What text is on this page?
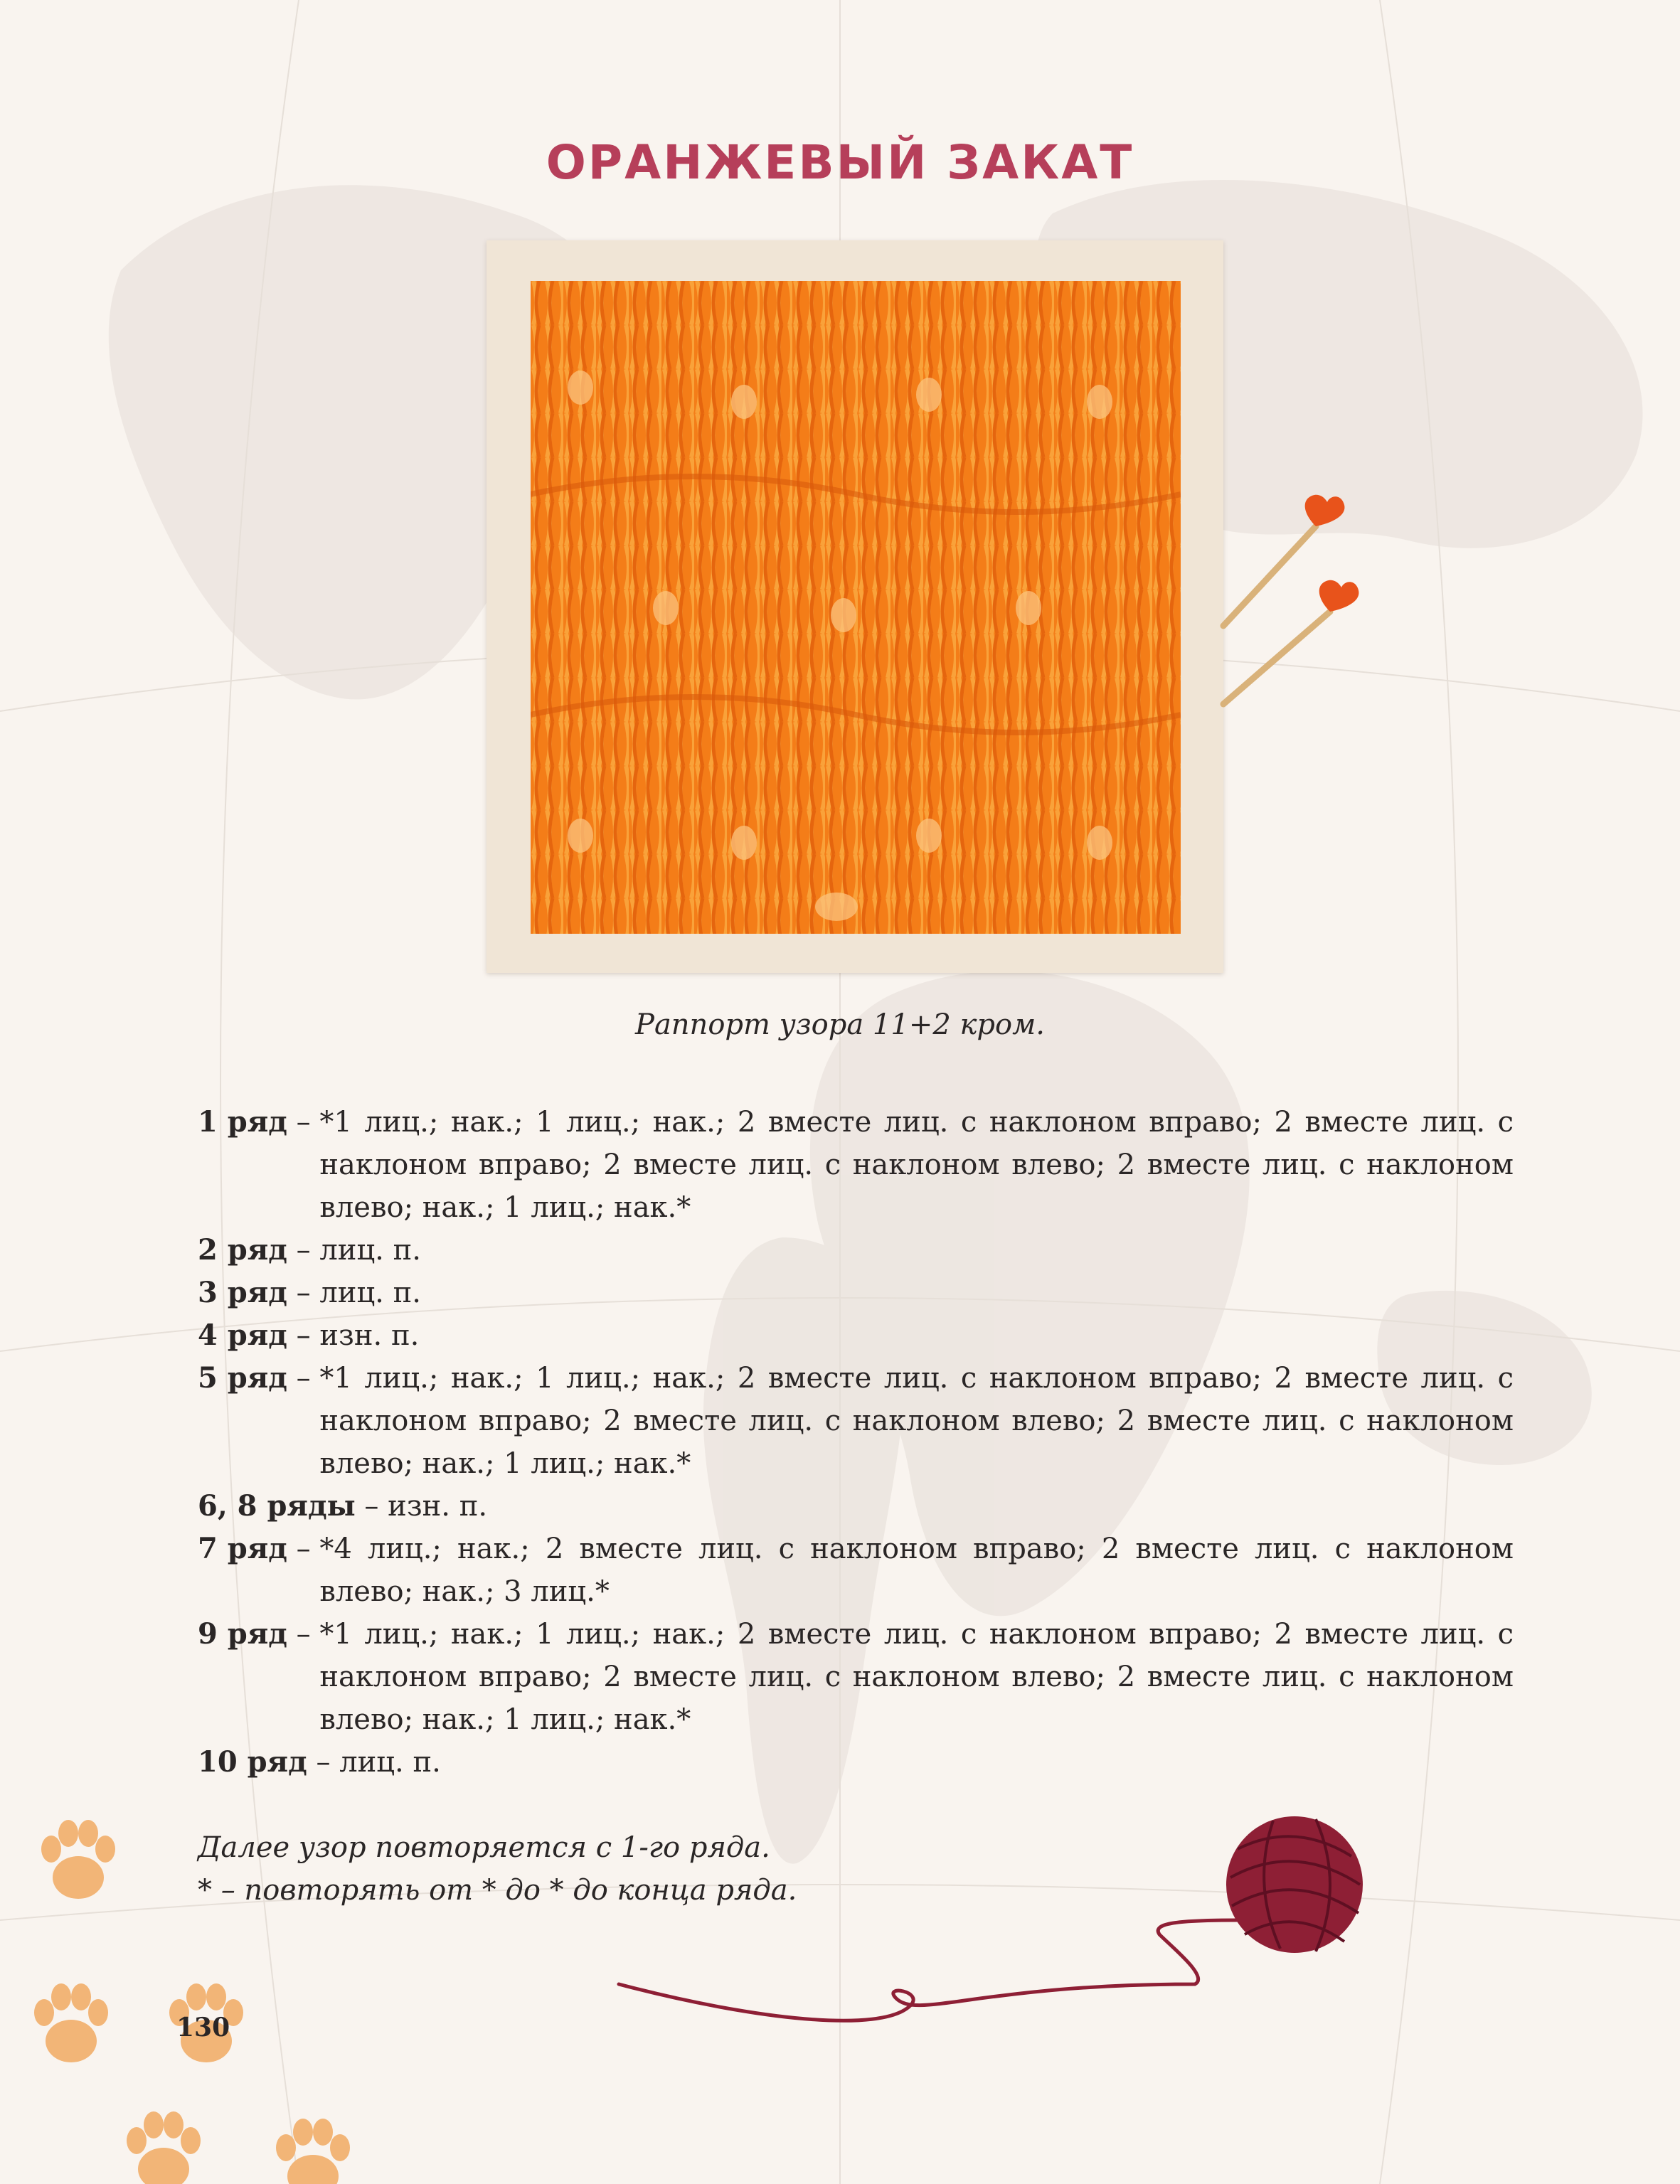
ОРАНЖЕВЫЙ ЗАКАТ
Раппорт узора 11+2 кром.
1 ряд – *1 лиц.; нак.; 1 лиц.; нак.; 2 вместе лиц. с наклоном вправо; 2 вместе лиц. с наклоном вправо; 2 вместе лиц. с наклоном влево; 2 вместе лиц. с наклоном влево; нак.; 1 лиц.; нак.*
2 ряд – лиц. п.
3 ряд – лиц. п.
4 ряд – изн. п.
5 ряд – *1 лиц.; нак.; 1 лиц.; нак.; 2 вместе лиц. с наклоном вправо; 2 вместе лиц. с наклоном вправо; 2 вместе лиц. с наклоном влево; 2 вместе лиц. с наклоном влево; нак.; 1 лиц.; нак.*
6, 8 ряды – изн. п.
7 ряд – *4 лиц.; нак.; 2 вместе лиц. с наклоном вправо; 2 вместе лиц. с наклоном влево; нак.; 3 лиц.*
9 ряд – *1 лиц.; нак.; 1 лиц.; нак.; 2 вместе лиц. с наклоном вправо; 2 вместе лиц. с наклоном вправо; 2 вместе лиц. с наклоном влево; 2 вместе лиц. с наклоном влево; нак.; 1 лиц.; нак.*
10 ряд – лиц. п.
Далее узор повторяется с 1-го ряда.
* – повторять от * до * до конца ряда.
130
